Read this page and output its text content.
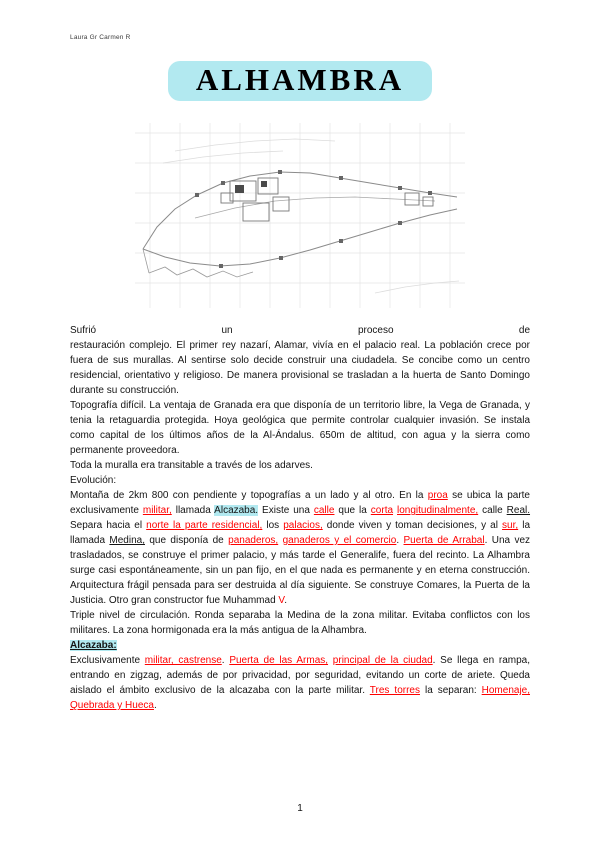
Laura Gr Carmen R
ALHAMBRA
Sufrió un proceso de

restauración complejo. El primer rey nazarí, Alamar, vivía en el palacio real. La población crece por fuera de sus murallas. Al sentirse solo decide construir una ciudadela. Se concibe como un centro residencial, orientativo y religioso. De manera provisional se trasladan a la huerta de Santo Domingo durante su construcción.

Topografía difícil. La ventaja de Granada era que disponía de un territorio libre, la Vega de Granada, y tenia la retaguardia protegida. Hoya geológica que permite controlar cualquier invasión. Se instala como capital de los últimos años de la Al-Ándalus. 650m de altitud, con agua y la sierra como permanente proveedora.

Toda la muralla era transitable a través de los adarves.

Evolución:

Montaña de 2km 800 con pendiente y topografías a un lado y al otro. En la proa se ubica la parte exclusivamente militar, llamada Alcazaba. Existe una calle que la corta longitudinalmente, calle Real. Separa hacia el norte la parte residencial, los palacios, donde viven y toman decisiones, y al sur, la llamada Medina, que disponía de panaderos, ganaderos y el comercio. Puerta de Arrabal. Una vez trasladados, se construye el primer palacio, y más tarde el Generalife, fuera del recinto. La Alhambra surge casi espontáneamente, sin un pan fijo, en el que nada es permanente y en eterna construcción. Arquitectura frágil pensada para ser destruida al día siguiente. Se construye Comares, la Puerta de la Justicia. Otro gran constructor fue Muhammad V.

Triple nivel de circulación. Ronda separaba la Medina de la zona militar. Evitaba conflictos con los militares. La zona hormigonada era la más antigua de la Alhambra.

Alcazaba:

Exclusivamente militar, castrense. Puerta de las Armas, principal de la ciudad. Se llega en rampa, entrando en zigzag, además de por privacidad, por seguridad, evitando un corte de ariete. Queda aislado el ámbito exclusivo de la alcazaba con la parte militar. Tres torres la separan: Homenaje, Quebrada y Hueca.

1
